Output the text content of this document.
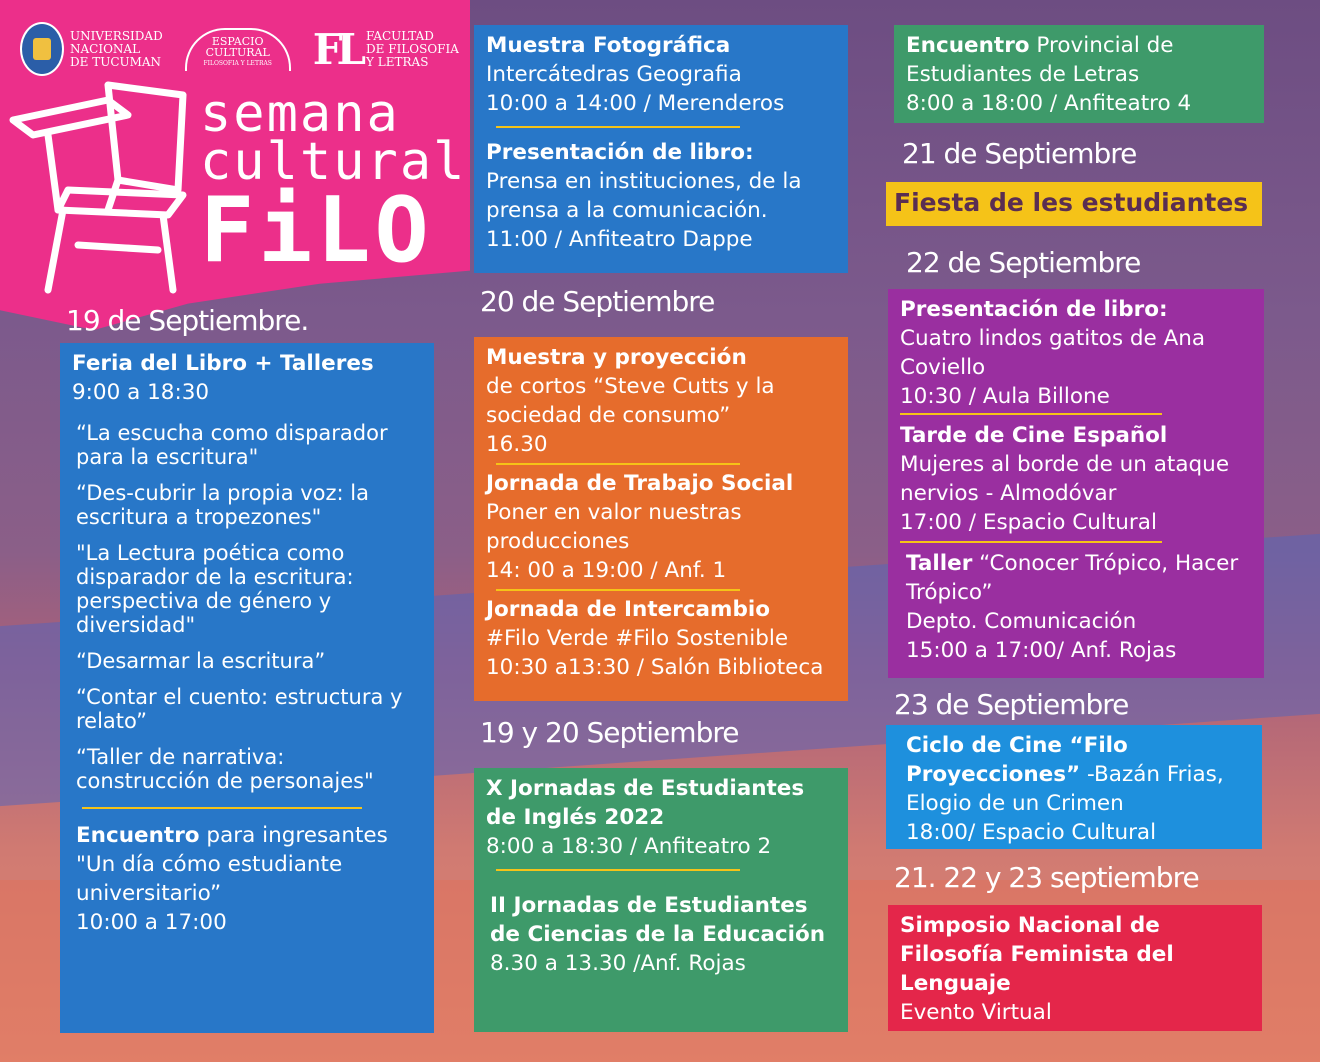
UNIVERSIDAD
NACIONAL
DE TUCUMAN
ESPACIO
CULTURAL
FILOSOFIA Y LETRAS FL FACULTAD
DE FILOSOFIA
Y LETRAS
semana
cultural
FiLO
19 de Septiembre.
Feria del Libro + Talleres
9:00 a 18:30
“La escucha como disparador para la escritura"
“Des-cubrir la propia voz: la escritura a tropezones"
"La Lectura poética como disparador de la escritura: perspectiva de género y diversidad"
“Desarmar la escritura”
“Contar el cuento: estructura y relato”
“Taller de narrativa: construcción de personajes"
Encuentro para ingresantes
"Un día cómo estudiante universitario”
10:00 a 17:00
Muestra Fotográfica
Intercátedras Geografia
10:00 a 14:00 / Merenderos
Presentación de libro:
Prensa en instituciones, de la prensa a la comunicación.
11:00 / Anfiteatro Dappe
20 de Septiembre
Muestra y proyección
de cortos “Steve Cutts y la sociedad de consumo”
16.30
Jornada de Trabajo Social
Poner en valor nuestras producciones
14: 00 a 19:00 / Anf. 1
Jornada de Intercambio
#Filo Verde #Filo Sostenible
10:30 a13:30 / Salón Biblioteca
19 y 20 Septiembre
X Jornadas de Estudiantes de Inglés 2022
8:00 a 18:30 / Anfiteatro 2
II Jornadas de Estudiantes de Ciencias de la Educación
8.30 a 13.30 /Anf. Rojas
Encuentro Provincial de Estudiantes de Letras
8:00 a 18:00 / Anfiteatro 4
21 de Septiembre
Fiesta de les estudiantes
22 de Septiembre
Presentación de libro:
Cuatro lindos gatitos de Ana Coviello
10:30 / Aula Billone
Tarde de Cine Español
Mujeres al borde de un ataque nervios - Almodóvar
17:00 / Espacio Cultural
Taller “Conocer Trópico, Hacer Trópico”
Depto. Comunicación
15:00 a 17:00/ Anf. Rojas
23 de Septiembre
Ciclo de Cine “Filo Proyecciones” -Bazán Frias, Elogio de un Crimen
18:00/ Espacio Cultural
21. 22 y 23 septiembre
Simposio Nacional de Filosofía Feminista del Lenguaje
Evento Virtual
